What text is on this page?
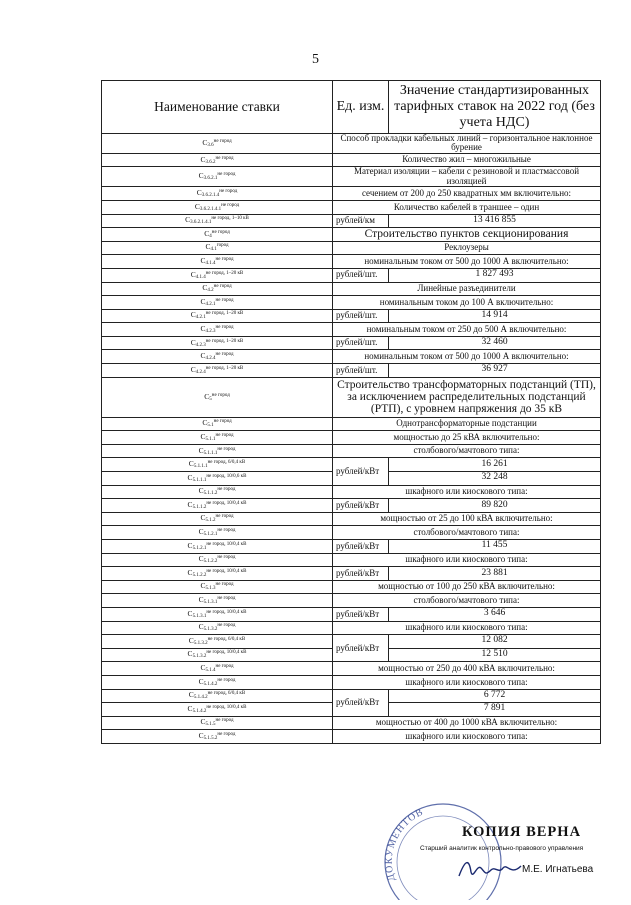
5
Наименование ставки	Ед. изм.	Значение стандартизированных тарифных ставок на 2022 год (без учета НДС)
$C_{3.6}^{не город}$	Способ прокладки кабельных линий – горизонтальное наклонное бурение	
$C_{3.6.2}^{не город}$	Количество жил – многожильные	
$C_{3.6.2.1}^{не город}$	Материал изоляции – кабели с резиновой и пластмассовой изоляцией	
$C_{3.6.2.1.4}^{не город}$	сечением от 200 до 250 квадратных мм включительно:	
$C_{3.6.2.1.4.1}^{не город}$	Количество кабелей в траншее – один	
$C_{3.6.2.1.4.1}^{не город, 1-10 кВ}$	рублей/км	13 416 855
$C_4^{не город}$	Строительство пунктов секционирования	
$C_{4.1}^{город}$	Реклоузеры	
$C_{4.1.4}^{не город}$	номинальным током от 500 до 1000 А включительно:	
$C_{4.1.4}^{не город, 1-20 кВ}$	рублей/шт.	1 827 493
$C_{4.2}^{не город}$	Линейные разъединители	
$C_{4.2.1}^{не город}$	номинальным током до 100 А включительно:	
$C_{4.2.1}^{не город, 1-20 кВ}$	рублей/шт.	14 914
$C_{4.2.3}^{не город}$	номинальным током от 250 до 500 А включительно:	
$C_{4.2.3}^{не город, 1-20 кВ}$	рублей/шт.	32 460
$C_{4.2.4}^{не город}$	номинальным током от 500 до 1000 А включительно:	
$C_{4.2.4}^{не город, 1-20 кВ}$	рублей/шт.	36 927
$C_5^{не город}$	Строительство трансформаторных подстанций (ТП), за исключением распределительных подстанций (РТП), с уровнем напряжения до 35 кВ	
$C_{5.1}^{не город}$	Однотрансформаторные подстанции	
$C_{5.1.1}^{не город}$	мощностью до 25 кВА включительно:	
$C_{5.1.1.1}^{не город}$	столбового/мачтового типа:	
$C_{5.1.1.1}^{не город, 6/0,4 кВ}$	рублей/кВт	16 261
$C_{5.1.1.1}^{не город, 10/0,6 кВ}$		32 248
$C_{5.1.1.2}^{не город}$	шкафного или киоскового типа:	
$C_{5.1.1.2}^{не город, 10/0,4 кВ}$	рублей/кВт	89 820
$C_{5.1.2}^{не город}$	мощностью от 25 до 100 кВА включительно:	
$C_{5.1.2.1}^{не город}$	столбового/мачтового типа:	
$C_{5.1.2.1}^{не город, 10/0,4 кВ}$	рублей/кВт	11 455
$C_{5.1.2.2}^{не город}$	шкафного или киоскового типа:	
$C_{5.1.2.2}^{не город, 10/0,4 кВ}$	рублей/кВт	23 881
$C_{5.1.3}^{не город}$	мощностью от 100 до 250 кВА включительно:	
$C_{5.1.3.1}^{не город}$	столбового/мачтового типа:	
$C_{5.1.3.1}^{не город, 10/0,4 кВ}$	рублей/кВт	3 646
$C_{5.1.3.2}^{не город}$	шкафного или киоскового типа:	
$C_{5.1.3.2}^{не город, 6/0,4 кВ}$	рублей/кВт	12 082
$C_{5.1.3.2}^{не город, 10/0,4 кВ}$		12 510
$C_{5.1.4}^{не город}$	мощностью от 250 до 400 кВА включительно:	
$C_{5.1.4.2}^{не город}$	шкафного или киоскового типа:	
$C_{5.1.4.2}^{не город, 6/0,4 кВ}$	рублей/кВт	6 772
$C_{5.1.4.2}^{не город, 10/0,4 кВ}$		7 891
$C_{5.1.5}^{не город}$	мощностью от 400 до 1000 кВА включительно:	
$C_{5.1.5.2}^{не город}$	шкафного или киоскового типа:	
ДОКУМЕНТОВ
КОПИЯ ВЕРНА
Старший аналитик контрольно-правового управления
М.Е. Игнатьева
